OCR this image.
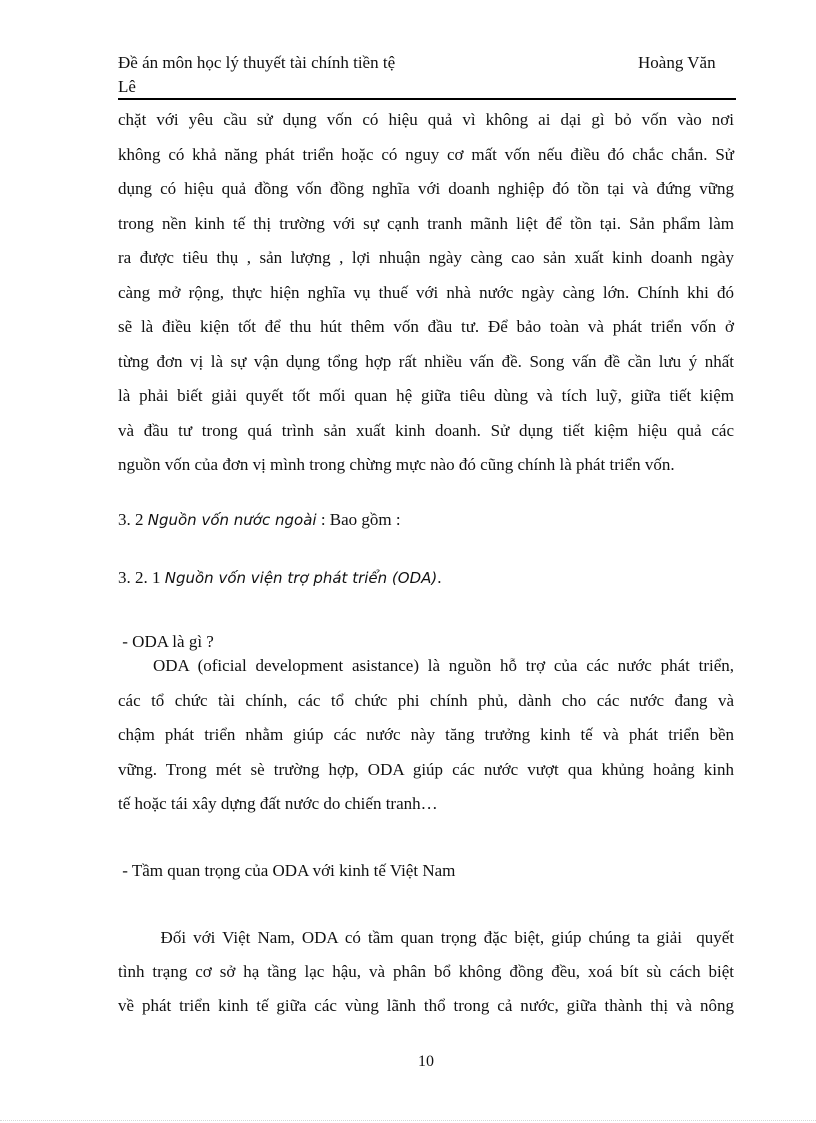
Đề án môn học lý thuyết tài chính tiền tệ	Hoàng Văn
Lê
chặt với yêu cầu sử dụng vốn có hiệu quả vì không ai dại gì bỏ vốn vào nơi
không có khả năng phát triển hoặc có nguy cơ mất vốn nếu điều đó chắc chắn. Sử
dụng có hiệu quả đồng vốn đồng nghĩa với doanh nghiệp đó tồn tại và đứng vững
trong nền kinh tế thị trường với sự cạnh tranh mãnh liệt để tồn tại. Sản phẩm làm
ra được tiêu thụ , sản lượng , lợi nhuận ngày càng cao sản xuất kinh doanh ngày
càng mở rộng, thực hiện nghĩa vụ thuế với nhà nước ngày càng lớn. Chính khi đó
sẽ là điều kiện tốt để thu hút thêm vốn đầu tư. Để bảo toàn và phát triển vốn ở
từng đơn vị là sự vận dụng tổng hợp rất nhiều vấn đề. Song vấn đề cần lưu ý nhất
là phải biết giải quyết tốt mối quan hệ giữa tiêu dùng và tích luỹ, giữa tiết kiệm
và đầu tư trong quá trình sản xuất kinh doanh. Sử dụng tiết kiệm hiệu quả các
nguồn vốn của đơn vị mình trong chừng mực nào đó cũng chính là phát triển vốn.
3. 2 Nguồn vốn nước ngoài : Bao gồm :
3. 2. 1 Nguồn vốn viện trợ phát triển (ODA).
- ODA là gì ?
ODA (oficial development asistance) là nguồn hỗ trợ của các nước phát triển,
các tổ chức tài chính, các tổ chức phi chính phủ, dành cho các nước đang và
chậm phát triển nhằm giúp các nước này tăng trưởng kinh tế và phát triển bền
vững. Trong mét sè trường hợp, ODA giúp các nước vượt qua khủng hoảng kinh
tế hoặc tái xây dựng đất nước do chiến tranh…
- Tầm quan trọng của ODA với kinh tế Việt Nam
Đối với Việt Nam, ODA có tầm quan trọng đặc biệt, giúp chúng ta giải  quyết
tình trạng cơ sở hạ tầng lạc hậu, và phân bổ không đồng đều, xoá bít sù cách biệt
về phát triển kinh tế giữa các vùng lãnh thổ trong cả nước, giữa thành thị và nông
10
